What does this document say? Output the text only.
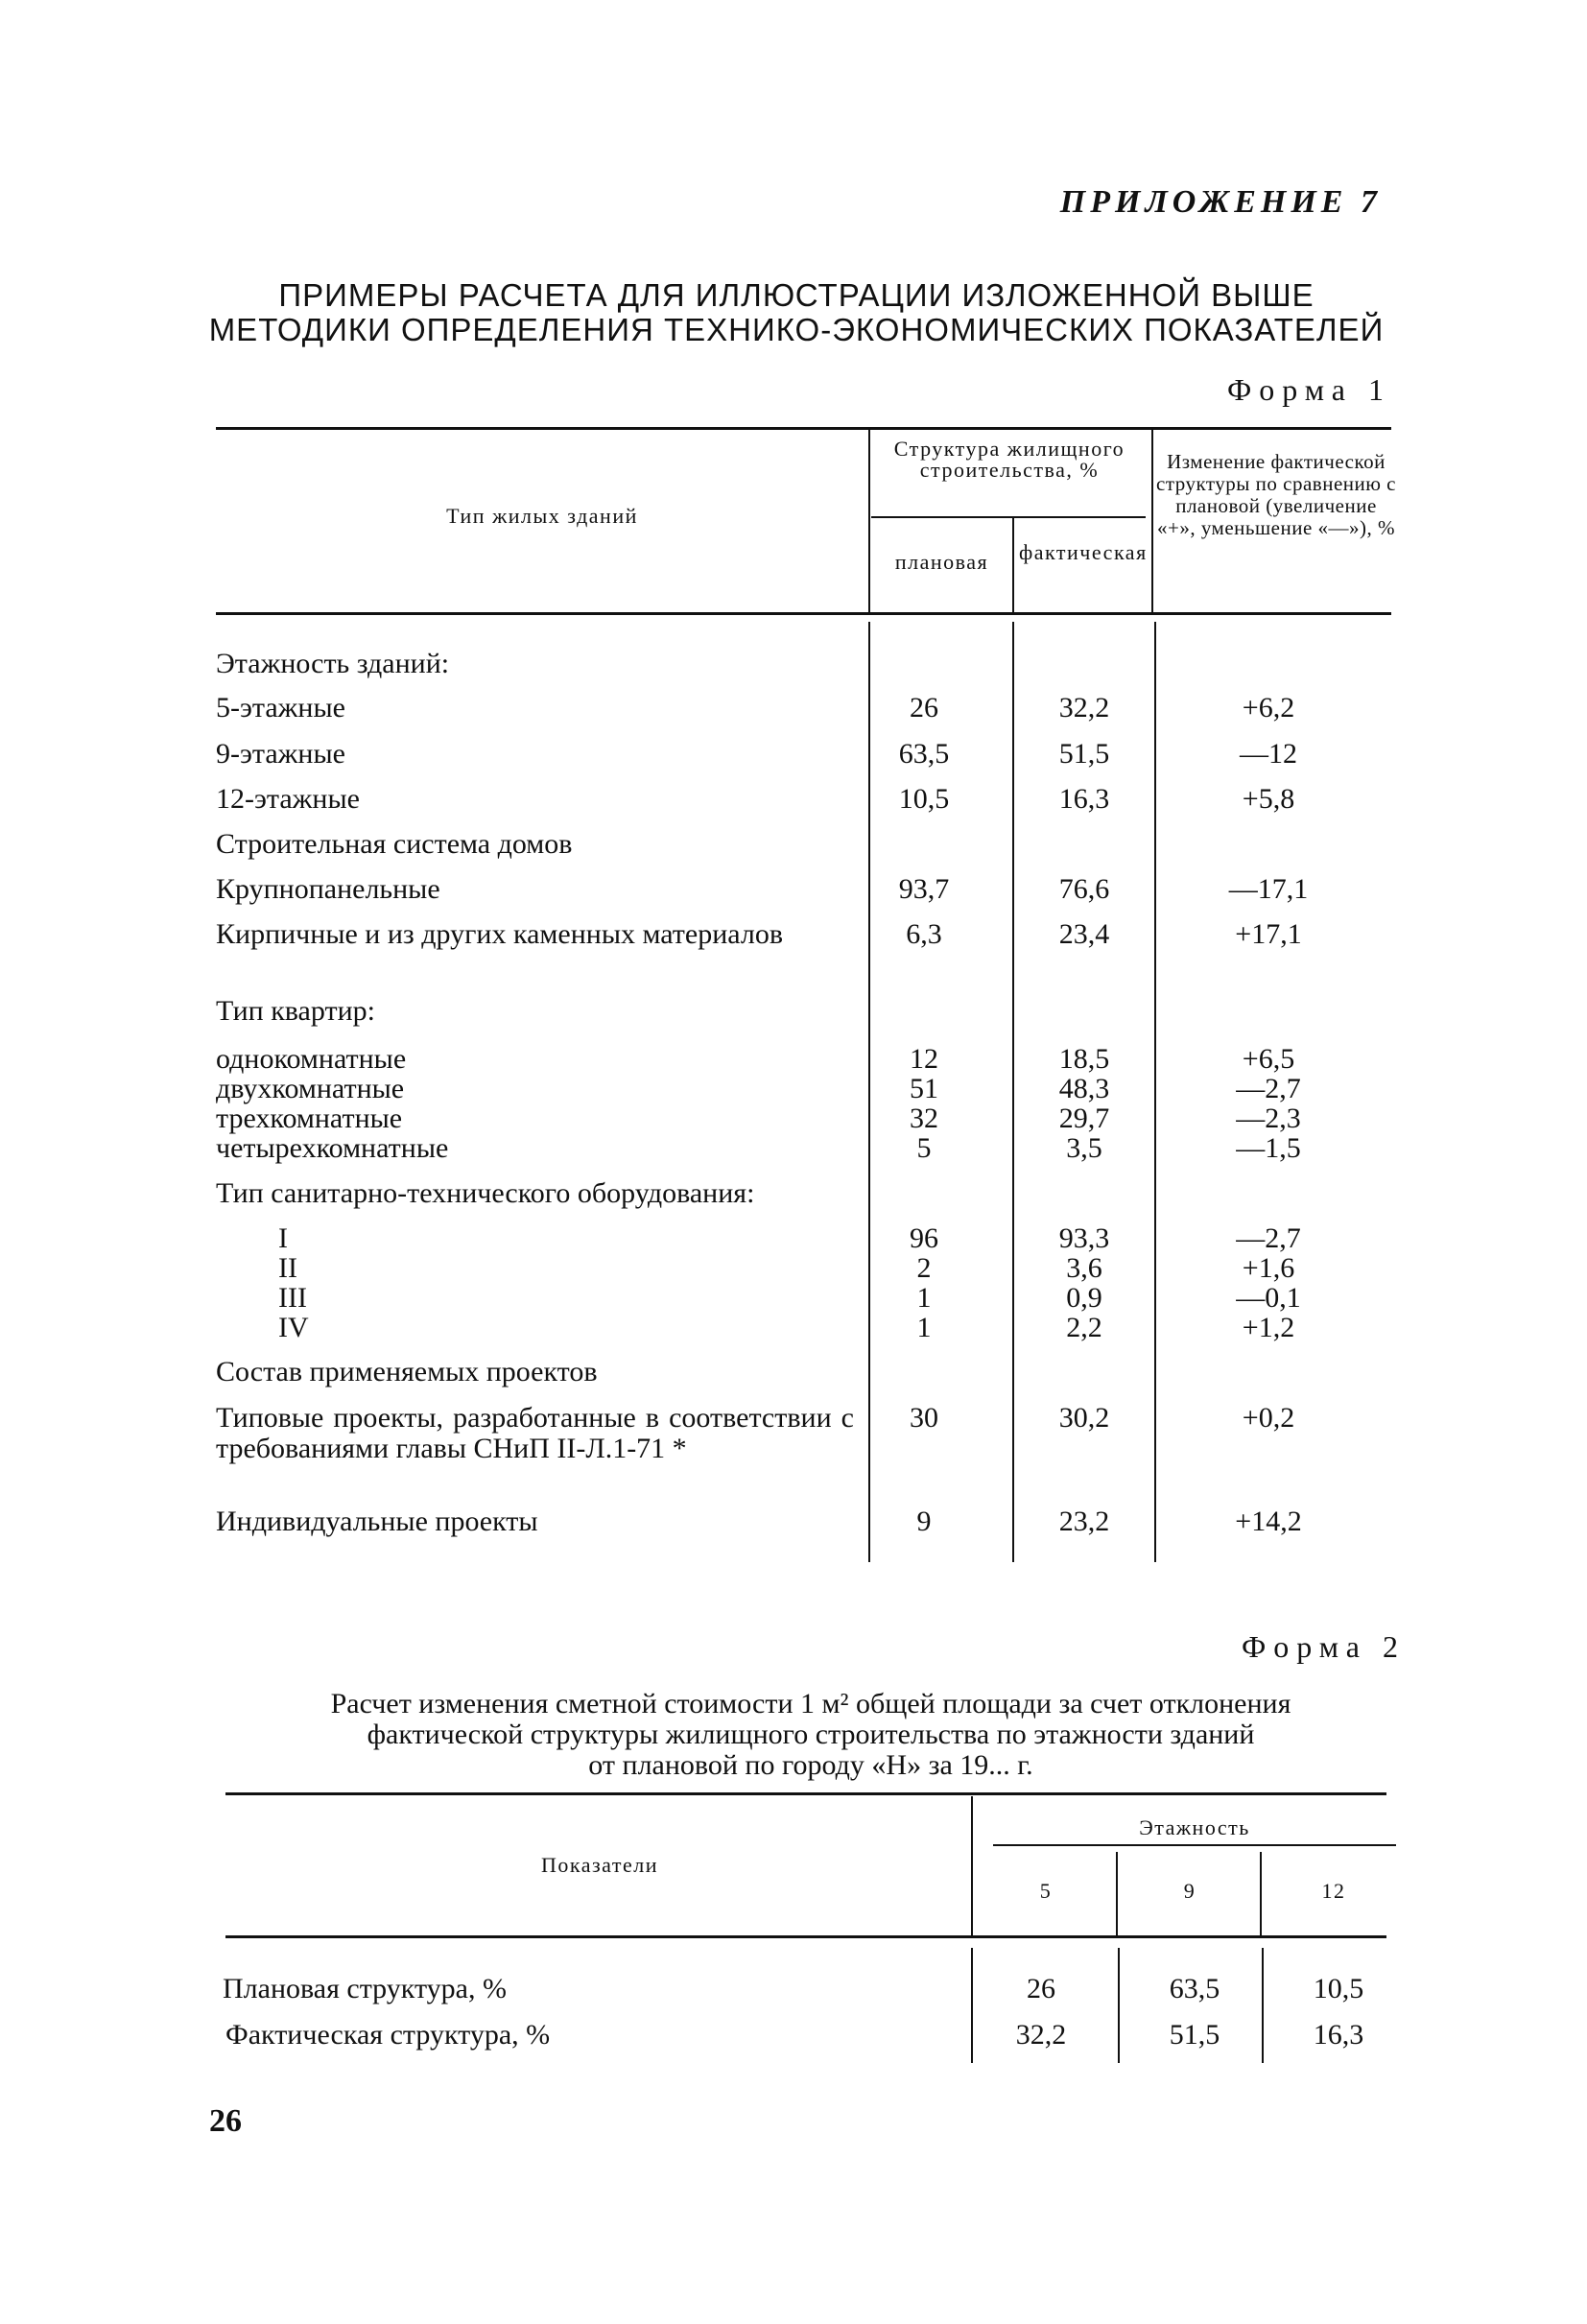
ПРИЛОЖЕНИЕ 7
ПРИМЕРЫ РАСЧЕТА ДЛЯ ИЛЛЮСТРАЦИИ ИЗЛОЖЕННОЙ ВЫШЕ
МЕТОДИКИ ОПРЕДЕЛЕНИЯ ТЕХНИКО-ЭКОНОМИЧЕСКИХ ПОКАЗАТЕЛЕЙ
Форма 1
Тип жилых зданий
Структура жилищного строительства, %
плановая	фактическая
Изменение фактической структуры по сравнению с плановой (увеличение «+», уменьшение «—»), %
Этажность зданий:
5-этажные	26	32,2	+6,2
9-этажные	63,5	51,5	—12
12-этажные	10,5	16,3	+5,8
Строительная система домов
Крупнопанельные	93,7	76,6	—17,1
Кирпичные и из других каменных материалов	6,3	23,4	+17,1
Тип квартир:
однокомнатные	12	18,5	+6,5
двухкомнатные	51	48,3	—2,7
трехкомнатные	32	29,7	—2,3
четырехкомнатные	5	3,5	—1,5
Тип санитарно-технического оборудования:
I	96	93,3	—2,7
II	2	3,6	+1,6
III	1	0,9	—0,1
IV	1	2,2	+1,2
Состав применяемых проектов
Типовые проекты, разработанные в соответствии с требованиями главы СНиП II-Л.1-71 *
30	30,2	+0,2
Индивидуальные проекты	9	23,2	+14,2
Форма 2
Расчет изменения сметной стоимости 1 м² общей площади за счет отклонения
фактической структуры жилищного строительства по этажности зданий
от плановой по городу «Н» за 19... г.
Показатели
Этажность
5	9	12
Плановая структура, %	26	63,5	10,5
Фактическая структура, %	32,2	51,5	16,3
26
